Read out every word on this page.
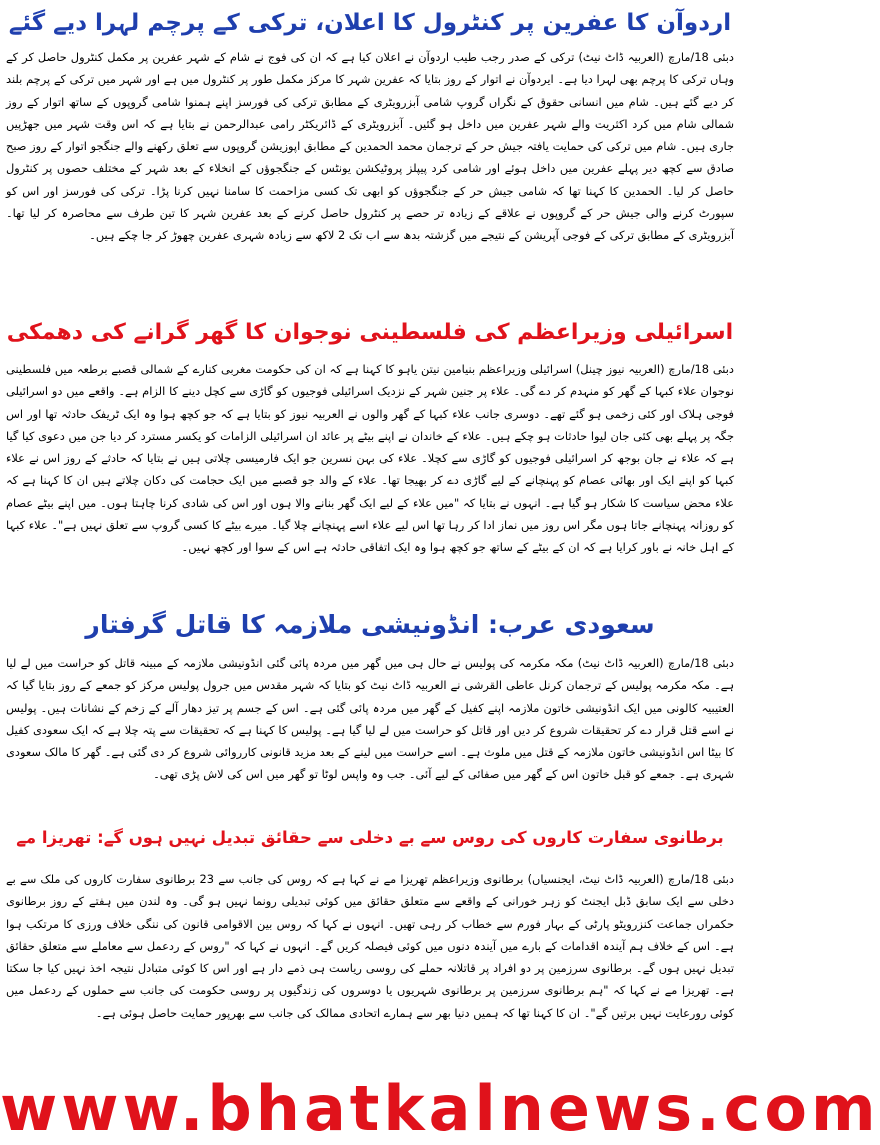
اردوآن کا عفرین پر کنٹرول کا اعلان، ترکی کے پرچم لہرا دیے گئے

دبئی 18/مارچ (العربیہ ڈاٹ نیٹ) ترکی کے صدر رجب طیب اردوآن نے اعلان کیا ہے کہ ان کی فوج نے شام کے شہر عفرین پر مکمل کنٹرول حاصل کر کے وہاں ترکی کا پرچم بھی لہرا دیا ہے۔ ایردوآن نے اتوار کے روز بتایا کہ عفرین شہر کا مرکز مکمل طور پر کنٹرول میں ہے اور شہر میں ترکی کے پرچم بلند کر دیے گئے ہیں۔ شام میں انسانی حقوق کے نگراں گروپ شامی آبزرویٹری کے مطابق ترکی کی فورسز اپنے ہمنوا شامی گروپوں کے ساتھ اتوار کے روز شمالی شام میں کرد اکثریت والے شہر عفرین میں داخل ہو گئیں۔ آبزرویٹری کے ڈائریکٹر رامی عبدالرحمن نے بتایا ہے کہ اس وقت شہر میں جھڑپیں جاری ہیں۔ شام میں ترکی کی حمایت یافتہ جیش حر کے ترجمان محمد الحمدین کے مطابق اپوزیشن گروپوں سے تعلق رکھنے والے جنگجو اتوار کے روز صبح صادق سے کچھ دیر پہلے عفرین میں داخل ہوئے اور شامی کرد پیپلز پروٹیکشن یونٹس کے جنگجوؤں کے انخلاء کے بعد شہر کے مختلف حصوں پر کنٹرول حاصل کر لیا۔ الحمدین کا کہنا تھا کہ شامی جیش حر کے جنگجوؤں کو ابھی تک کسی مزاحمت کا سامنا نہیں کرنا پڑا۔ ترکی کی فورسز اور اس کو سپورٹ کرنے والی جیش حر کے گروپوں نے علاقے کے زیادہ تر حصے پر کنٹرول حاصل کرنے کے بعد عفرین شہر کا تین طرف سے محاصرہ کر لیا تھا۔ آبزرویٹری کے مطابق ترکی کے فوجی آپریشن کے نتیجے میں گزشتہ بدھ سے اب تک 2 لاکھ سے زیادہ شہری عفرین چھوڑ کر جا چکے ہیں۔

اسرائیلی وزیراعظم کی فلسطینی نوجوان کا گھر گرانے کی دھمکی

دبئی 18/مارچ (العربیہ نیوز چینل) اسرائیلی وزیراعظم بنیامین نیتن یاہو کا کہنا ہے کہ ان کی حکومت مغربی کنارے کے شمالی قصبے برطعہ میں فلسطینی نوجوان علاء کبہا کے گھر کو منہدم کر دے گی۔ علاء پر جنین شہر کے نزدیک اسرائیلی فوجیوں کو گاڑی سے کچل دینے کا الزام ہے۔ واقعے میں دو اسرائیلی فوجی ہلاک اور کئی زخمی ہو گئے تھے۔ دوسری جانب علاء کبہا کے گھر والوں نے العربیہ نیوز کو بتایا ہے کہ جو کچھ ہوا وہ ایک ٹریفک حادثہ تھا اور اس جگہ پر پہلے بھی کئی جان لیوا حادثات ہو چکے ہیں۔ علاء کے خاندان نے اپنے بیٹے پر عائد ان اسرائیلی الزامات کو یکسر مسترد کر دیا جن میں دعوی کیا گیا ہے کہ علاء نے جان بوجھ کر اسرائیلی فوجیوں کو گاڑی سے کچلا۔ علاء کی بہن نسرین جو ایک فارمیسی چلاتی ہیں نے بتایا کہ حادثے کے روز اس نے علاء کبہا کو اپنے ایک اور بھائی عصام کو پہنچانے کے لیے گاڑی دے کر بھیجا تھا۔ علاء کے والد جو قصبے میں ایک حجامت کی دکان چلاتے ہیں ان کا کہنا ہے کہ علاء محض سیاست کا شکار ہو گیا ہے۔ انہوں نے بتایا کہ "میں علاء کے لیے ایک گھر بنانے والا ہوں اور اس کی شادی کرنا چاہتا ہوں۔ میں اپنے بیٹے عصام کو روزانہ پہنچانے جاتا ہوں مگر اس روز میں نماز ادا کر رہا تھا اس لیے علاء اسے پہنچانے چلا گیا۔ میرے بیٹے کا کسی گروپ سے تعلق نہیں ہے"۔ علاء کبہا کے اہل خانہ نے باور کرایا ہے کہ ان کے بیٹے کے ساتھ جو کچھ ہوا وہ ایک اتفاقی حادثہ ہے اس کے سوا اور کچھ نہیں۔

سعودی عرب: انڈونیشی ملازمہ کا قاتل گرفتار

دبئی 18/مارچ (العربیہ ڈاٹ نیٹ) مکہ مکرمہ کی پولیس نے حال ہی میں گھر میں مردہ پائی گئی انڈونیشی ملازمہ کے مبینہ قاتل کو حراست میں لے لیا ہے۔ مکہ مکرمہ پولیس کے ترجمان کرنل عاطی القرشی نے العربیہ ڈاٹ نیٹ کو بتایا کہ شہر مقدس میں جرول پولیس مرکز کو جمعے کے روز بتایا گیا کہ العتیبیہ کالونی میں ایک انڈونیشی خاتون ملازمہ اپنے کفیل کے گھر میں مردہ پائی گئی ہے۔ اس کے جسم پر تیز دھار آلے کے زخم کے نشانات ہیں۔ پولیس نے اسے قتل قرار دے کر تحقیقات شروع کر دیں اور قاتل کو حراست میں لے لیا گیا ہے۔ پولیس کا کہنا ہے کہ تحقیقات سے پتہ چلا ہے کہ ایک سعودی کفیل کا بیٹا اس انڈونیشی خاتون ملازمہ کے قتل میں ملوث ہے۔ اسے حراست میں لینے کے بعد مزید قانونی کارروائی شروع کر دی گئی ہے۔ گھر کا مالک سعودی شہری ہے۔ جمعے کو قبل خاتون اس کے گھر میں صفائی کے لیے آئی۔ جب وہ واپس لوٹا تو گھر میں اس کی لاش پڑی تھی۔

برطانوی سفارت کاروں کی روس سے بے دخلی سے حقائق تبدیل نہیں ہوں گے: تھریزا مے

دبئی 18/مارچ (العربیہ ڈاٹ نیٹ، ایجنسیاں) برطانوی وزیراعظم تھریزا مے نے کہا ہے کہ روس کی جانب سے 23 برطانوی سفارت کاروں کی ملک سے بے دخلی سے ایک سابق ڈبل ایجنٹ کو زہر خورانی کے واقعے سے متعلق حقائق میں کوئی تبدیلی رونما نہیں ہو گی۔ وہ لندن میں ہفتے کے روز برطانوی حکمراں جماعت کنزرویٹو پارٹی کے بہار فورم سے خطاب کر رہی تھیں۔ انہوں نے کہا کہ روس بین الاقوامی قانون کی ننگی خلاف ورزی کا مرتکب ہوا ہے۔ اس کے خلاف ہم آیندہ اقدامات کے بارے میں آیندہ دنوں میں کوئی فیصلہ کریں گے۔ انہوں نے کہا کہ "روس کے ردعمل سے معاملے سے متعلق حقائق تبدیل نہیں ہوں گے۔ برطانوی سرزمین پر دو افراد پر قاتلانہ حملے کی روسی ریاست ہی ذمے دار ہے اور اس کا کوئی متبادل نتیجہ اخذ نہیں کیا جا سکتا ہے۔ تھریزا مے نے کہا کہ "ہم برطانوی سرزمین پر برطانوی شہریوں یا دوسروں کی زندگیوں پر روسی حکومت کی جانب سے حملوں کے ردعمل میں کوئی رورعایت نہیں برتیں گے"۔ ان کا کہنا تھا کہ ہمیں دنیا بھر سے ہمارے اتحادی ممالک کی جانب سے بھرپور حمایت حاصل ہوئی ہے۔

www.bhatkalnews.com
